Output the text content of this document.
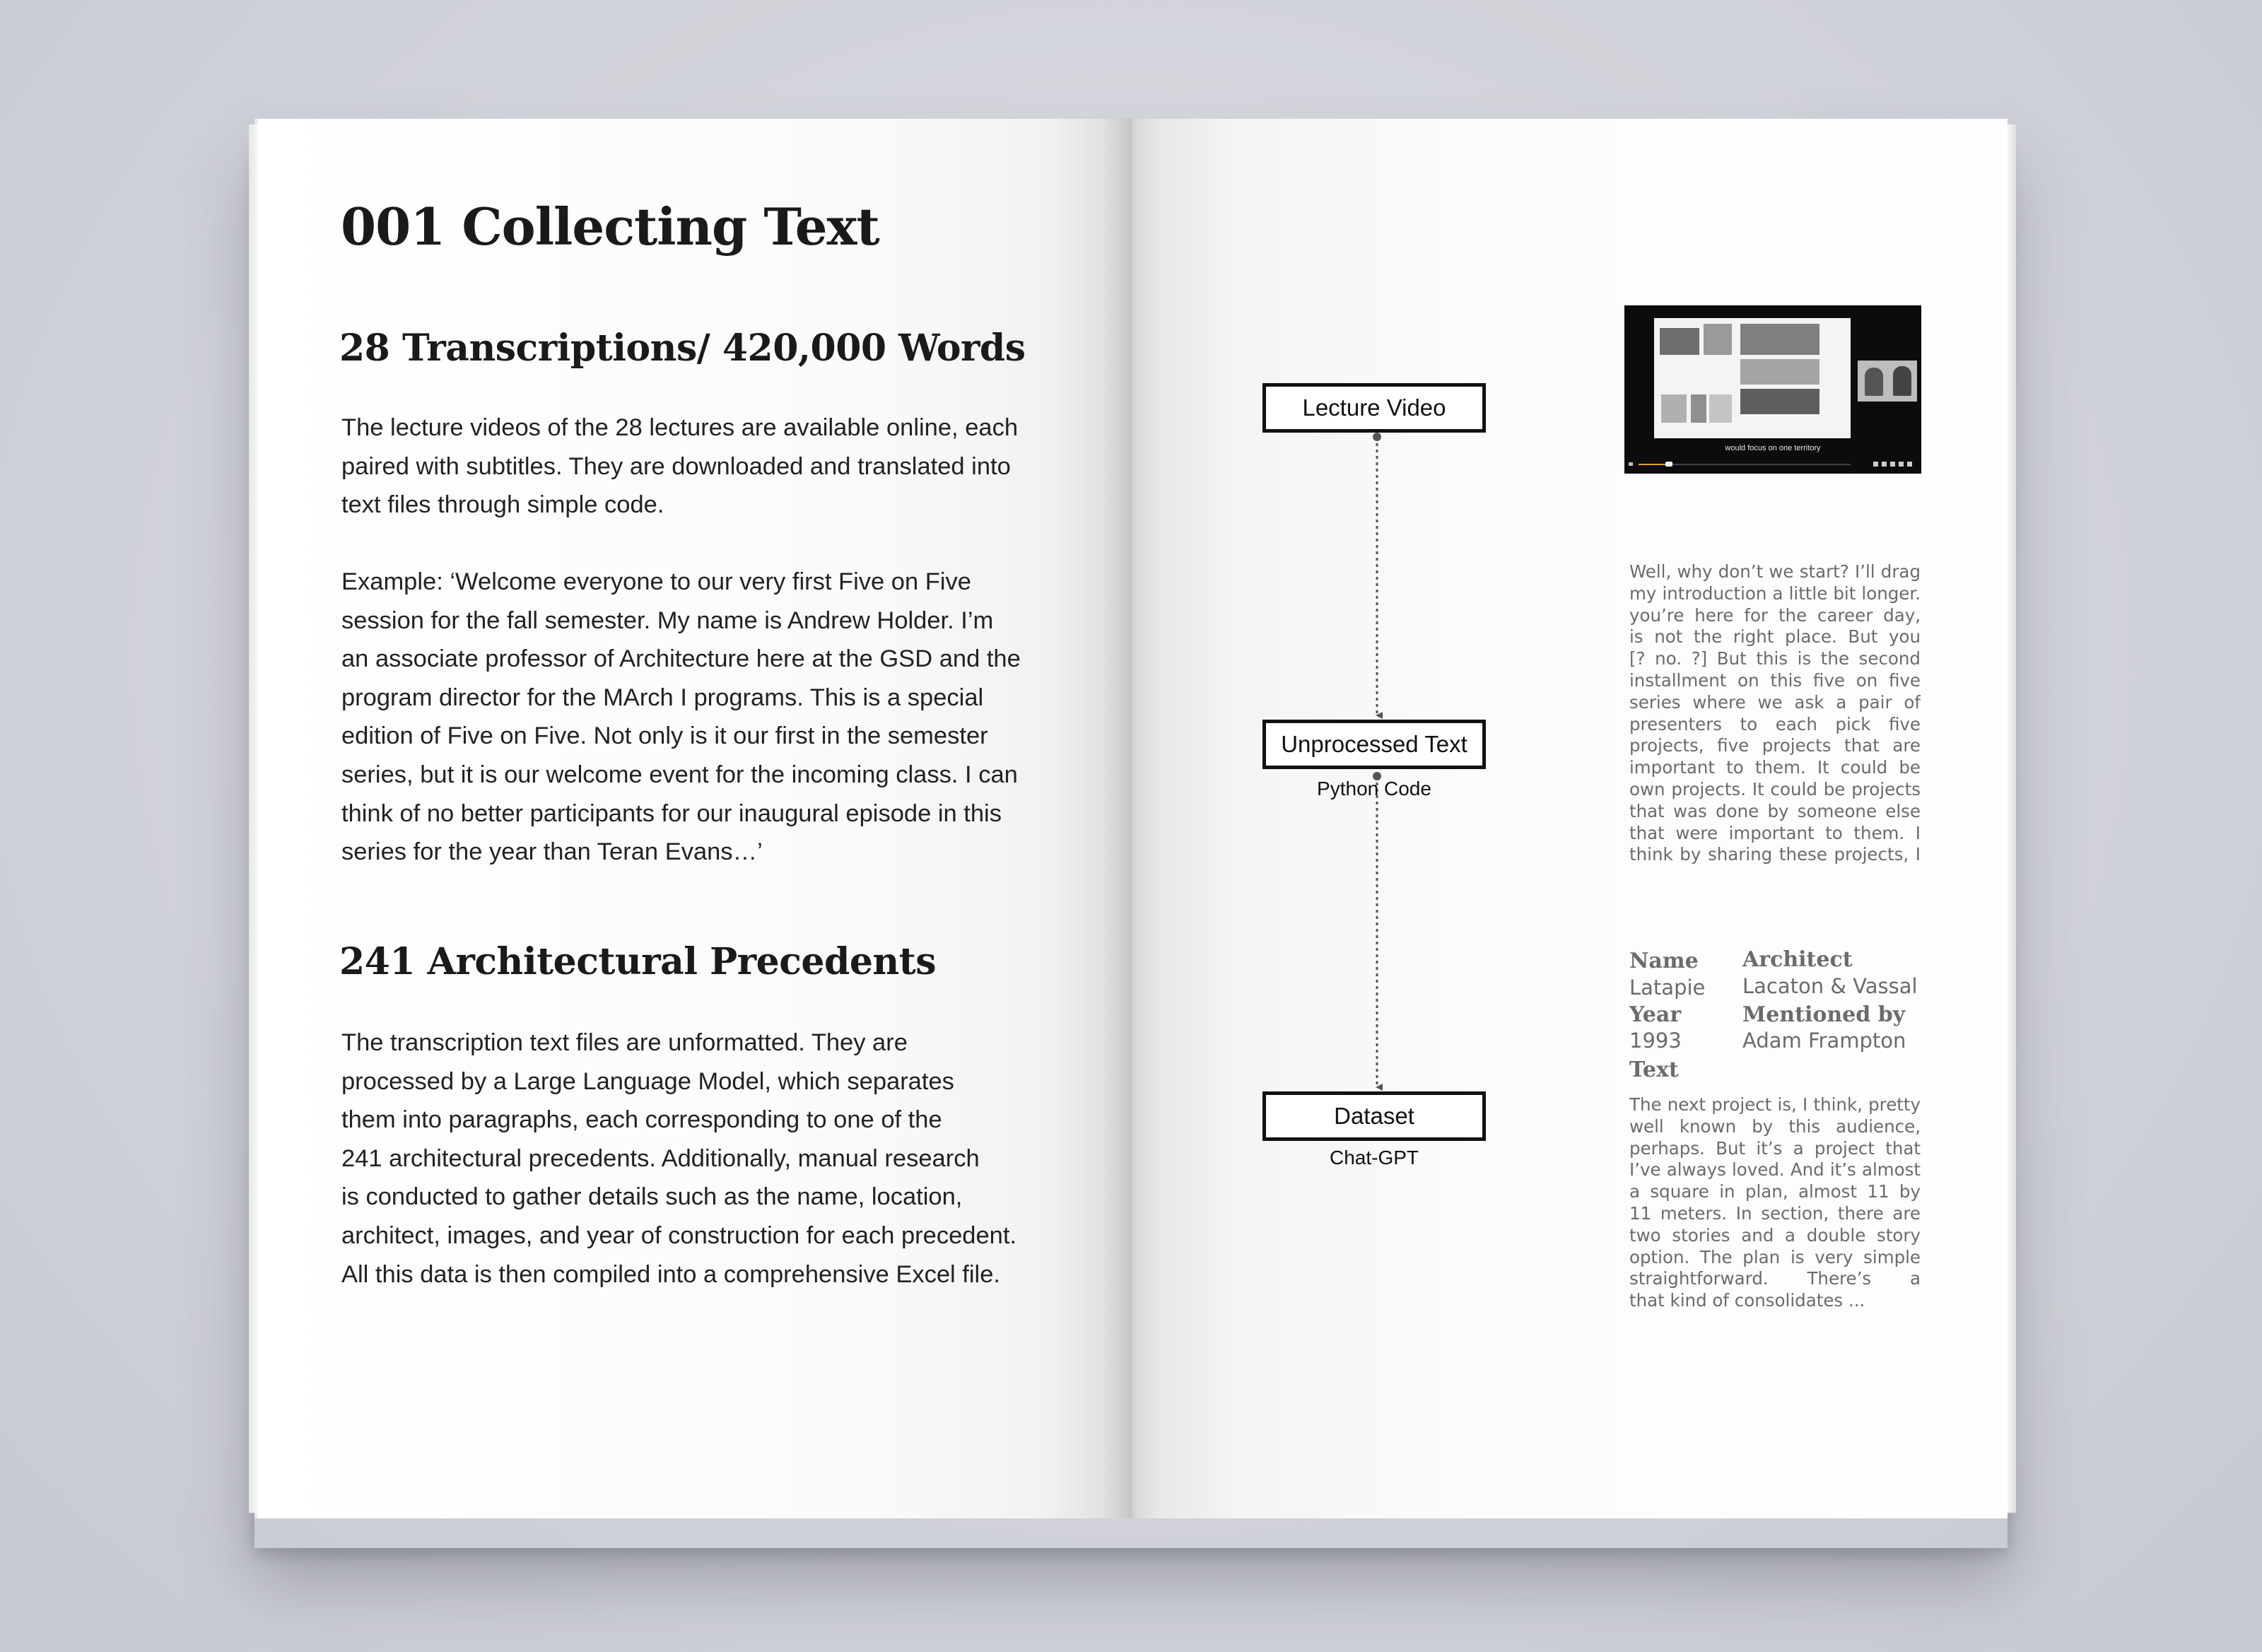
001 Collecting Text
28 Transcriptions/ 420,000 Words

The lecture videos of the 28 lectures are available online, each
paired with subtitles. They are downloaded and translated into
text files through simple code.

Example: ‘Welcome everyone to our very first Five on Five
session for the fall semester. My name is Andrew Holder. I’m
an associate professor of Architecture here at the GSD and the
program director for the MArch I programs. This is a special
edition of Five on Five. Not only is it our first in the semester
series, but it is our welcome event for the incoming class. I can
think of no better participants for our inaugural episode in this
series for the year than Teran Evans…’

241 Architectural Precedents

The transcription text files are unformatted. They are
processed by a Large Language Model, which separates
them into paragraphs, each corresponding to one of the
241 architectural precedents. Additionally, manual research
is conducted to gather details such as the name, location,
architect, images, and year of construction for each precedent.
All this data is then compiled into a comprehensive Excel file.

Lecture Video
Unprocessed Text
Python Code
Dataset
Chat-GPT
would focus on one territory

Well, why don’t we start? I’ll drag
my introduction a little bit longer.
you’re here for the career day,
is not the right place. But you
[? no. ?] But this is the second
installment on this five on five
series where we ask a pair of
presenters to each pick five
projects, five projects that are
important to them. It could be
own projects. It could be projects
that was done by someone else
that were important to them. I
think by sharing these projects, I

Name
Latapie
Architect
Lacaton & Vassal
Year
1993
Mentioned by
Adam Frampton
Text

The next project is, I think, pretty
well known by this audience,
perhaps. But it’s a project that
I’ve always loved. And it’s almost
a square in plan, almost 11 by
11 meters. In section, there are
two stories and a double story
option. The plan is very simple
straightforward. There’s a
that kind of consolidates ...
